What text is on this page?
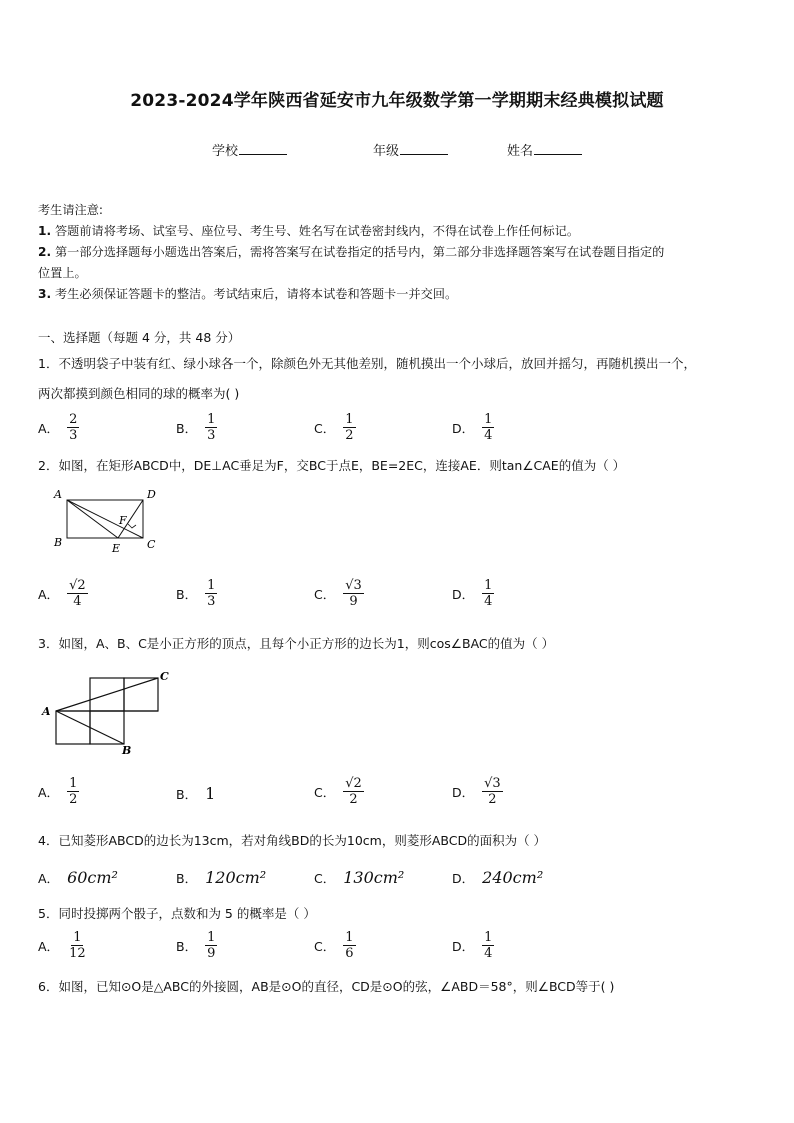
2023-2024学年陕西省延安市九年级数学第一学期期末经典模拟试题
学校	年级	姓名
考生请注意:
1. 答题前请将考场、试室号、座位号、考生号、姓名写在试卷密封线内，不得在试卷上作任何标记。
2. 第一部分选择题每小题选出答案后，需将答案写在试卷指定的括号内，第二部分非选择题答案写在试卷题目指定的
位置上。
3. 考生必须保证答题卡的整洁。考试结束后，请将本试卷和答题卡一并交回。
一、选择题（每题 4 分，共 48 分）
1．不透明袋子中装有红、绿小球各一个，除颜色外无其他差别，随机摸出一个小球后，放回并摇匀，再随机摸出一个，
两次都摸到颜色相同的球的概率为( )
A． $\frac{2}{3}$	B． $\frac{1}{3}$	C． $\frac{1}{2}$	D． $\frac{1}{4}$
2．如图，在矩形ABCD中，DE⊥AC垂足为F，交BC于点E，BE=2EC，连接AE．则tan∠CAE的值为（ ）
A	D
F
B	E C
A． $\frac{√2}{4}$	B． $\frac{1}{3}$	C． $\frac{√3}{9}$	D． $\frac{1}{4}$
3．如图，A、B、C是小正方形的顶点，且每个小正方形的边长为1，则cos∠BAC的值为（ ）
A
B
C
A． $\frac{1}{2}$	B． 1	C． $\frac{√2}{2}$	D． $\frac{√3}{2}$
4．已知菱形ABCD的边长为13cm，若对角线BD的长为10cm，则菱形ABCD的面积为（ ）
A． 60cm²	B． 120cm²	C． 130cm²	D． 240cm²
5．同时投掷两个骰子，点数和为 5 的概率是（ ）
A． $\frac{1}{12}$	B． $\frac{1}{9}$	C． $\frac{1}{6}$	D． $\frac{1}{4}$
6．如图，已知⊙O是△ABC的外接圆，AB是⊙O的直径，CD是⊙O的弦，∠ABD＝58°，则∠BCD等于( )
